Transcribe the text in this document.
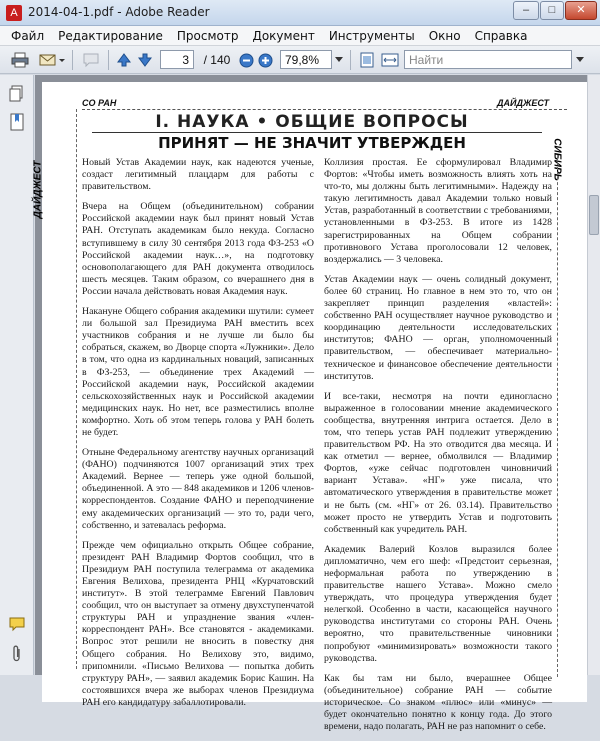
A 2014-04-1.pdf - Adobe Reader	–	□	✕
Файл	Редактирование	Просмотр	Документ	Инструменты	Окно	Справка
3	/ 140	79,8%	Найти
СО РАН	ДАЙДЖЕСТ
ДАЙДЖЕСТ
СИБИРЬ
I. НАУКА • ОБЩИЕ ВОПРОСЫ
ПРИНЯТ — НЕ ЗНАЧИТ УТВЕРЖДЕН

Новый Устав Академии наук, как надеются ученые, создаст легитимный плацдарм для работы с правительством.

Вчера на Общем (объединительном) собрании Российской академии наук был принят новый Устав РАН. Отступать академикам было некуда. Согласно вступившему в силу 30 сентября 2013 года ФЗ-253 «О Российской академии наук…», на подготовку основополагающего для РАН документа отводилось шесть месяцев. Таким образом, со вчерашнего дня в России начала действовать новая Академия наук.

Накануне Общего собрания академики шутили: сумеет ли большой зал Президиума РАН вместить всех участников собрания и не лучше ли было бы собраться, скажем, во Дворце спорта «Лужники». Дело в том, что одна из кардинальных новаций, записанных в ФЗ-253, — объединение трех Академий — Российской академии наук, Российской академии сельскохозяйственных наук и Российской академии медицинских наук. Но нет, все разместились вполне комфортно. Хоть об этом теперь голова у РАН болеть не будет.

Отныне Федеральному агентству научных организаций (ФАНО) подчиняются 1007 организаций этих трех Академий. Вернее — теперь уже одной большой, объединенной. А это — 848 академиков и 1206 членов-корреспондентов. Создание ФАНО и переподчинение ему академических организаций — это то, ради чего, собственно, и затевалась реформа.

Прежде чем официально открыть Общее собрание, президент РАН Владимир Фортов сообщил, что в Президиум РАН поступила телеграмма от академика Евгения Велихова, президента РНЦ «Курчатовский институт». В этой телеграмме Евгений Павлович сообщил, что он выступает за отмену двухступенчатой структуры РАН и упразднение звания «член-корреспондент РАН». Все становятся - академиками. Вопрос этот решили не вносить в повестку дня Общего собрания. Но Велихову это, видимо, припомнили. «Письмо Велихова — попытка добить структуру РАН», — заявил академик Борис Кашин. На состоявшихся вчера же выборах членов Президиума РАН его кандидатуру забаллотировали.

Коллизия простая. Ее сформулировал Владимир Фортов: «Чтобы иметь возможность влиять хоть на что-то, мы должны быть легитимными». Надежду на такую легитимность давал Академии только новый Устав, разработанный в соответствии с требованиями, установленными в ФЗ-253. В итоге из 1428 зарегистрированных на Общем собрании противнового Устава проголосовали 12 человек, воздержались — 3 человека.

Устав Академии наук — очень солидный документ, более 60 страниц. Но главное в нем это то, что он закрепляет принцип разделения «властей»: собственно РАН осуществляет научное руководство и координацию деятельности исследовательских институтов; ФАНО — орган, уполномоченный правительством, — обеспечивает материально-техническое и финансовое обеспечение деятельности институтов.

И все-таки, несмотря на почти единогласно выраженное в голосовании мнение академического сообщества, внутренняя интрига остается. Дело в том, что теперь устав РАН подлежит утверждению правительством РФ. На это отводится два месяца. И как отметил — вернее, обмолвился — Владимир Фортов, «уже сейчас подготовлен чиновничий вариант Устава». «НГ» уже писала, что автоматического утверждения в правительстве может и не быть (см. «НГ» от 26. 03.14). Правительство может просто не утвердить Устав и подготовить собственный как учредитель РАН.

Академик Валерий Козлов выразился более дипломатично, чем его шеф: «Предстоит серьезная, неформальная работа по утверждению в правительстве нашего Устава». Можно смело утверждать, что процедура утверждения будет нелегкой. Особенно в части, касающейся научного руководства институтами со стороны РАН. Очень вероятно, что правительственные чиновники попробуют «минимизировать» возможности такого руководства.

Как бы там ни было, вчерашнее Общее (объединительное) собрание РАН — событие историческое. Со знаком «плюс» или «минус» — будет окончательно понятно к концу года. До этого времени, надо полагать, РАН не раз напомнит о себе.
